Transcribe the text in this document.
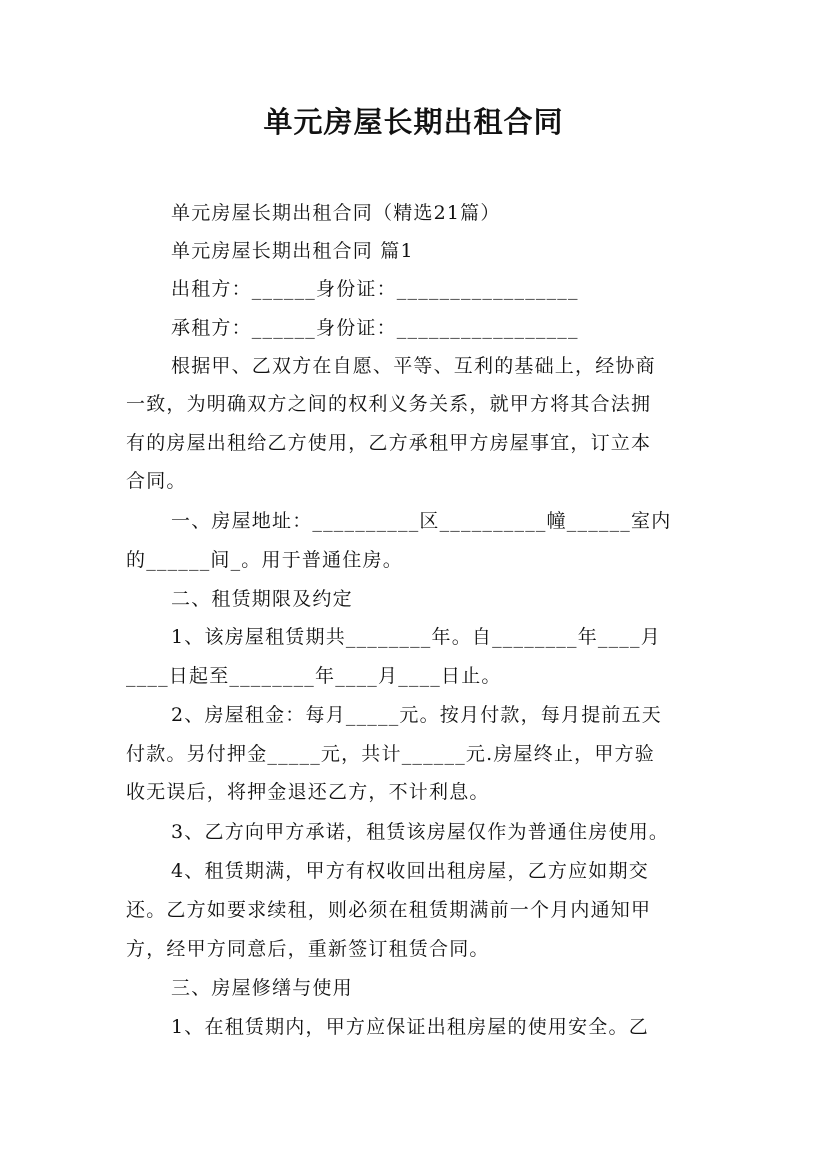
单元房屋长期出租合同
单元房屋长期出租合同（精选21篇）
单元房屋长期出租合同 篇1
出租方：______身份证：_________________
承租方：______身份证：_________________
根据甲、乙双方在自愿、平等、互利的基础上，经协商
一致，为明确双方之间的权利义务关系，就甲方将其合法拥
有的房屋出租给乙方使用，乙方承租甲方房屋事宜，订立本
合同。
一、房屋地址：__________区__________幢______室内
的______间_。用于普通住房。
二、租赁期限及约定
1、该房屋租赁期共________年。自________年____月
____日起至________年____月____日止。
2、房屋租金：每月_____元。按月付款，每月提前五天
付款。另付押金_____元，共计______元.房屋终止，甲方验
收无误后，将押金退还乙方，不计利息。
3、乙方向甲方承诺，租赁该房屋仅作为普通住房使用。
4、租赁期满，甲方有权收回出租房屋，乙方应如期交
还。乙方如要求续租，则必须在租赁期满前一个月内通知甲
方，经甲方同意后，重新签订租赁合同。
三、房屋修缮与使用
1、在租赁期内，甲方应保证出租房屋的使用安全。乙
